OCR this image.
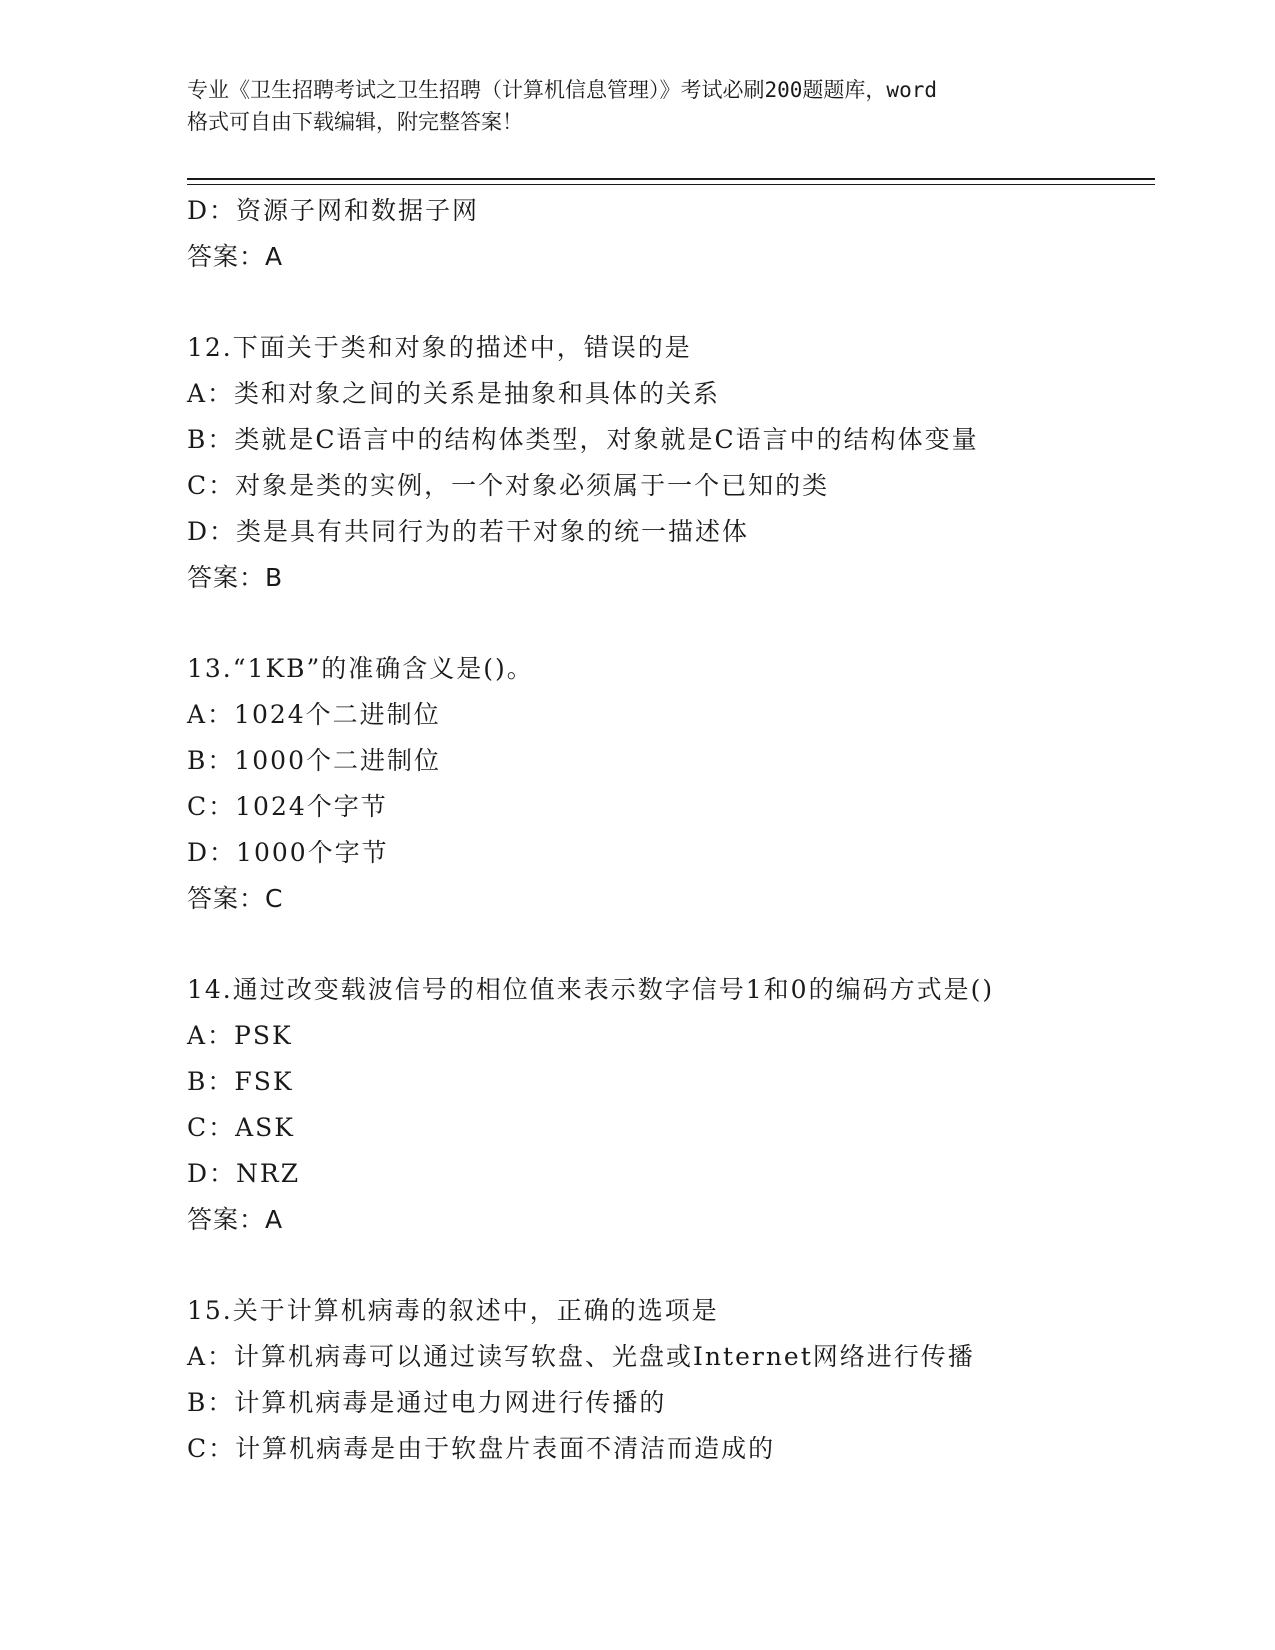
专业《卫生招聘考试之卫生招聘（计算机信息管理）》考试必刷200题题库，word
格式可自由下载编辑，附完整答案！
D：资源子网和数据子网
答案：A
12.下面关于类和对象的描述中，错误的是
A：类和对象之间的关系是抽象和具体的关系
B：类就是C语言中的结构体类型，对象就是C语言中的结构体变量
C：对象是类的实例，一个对象必须属于一个已知的类
D：类是具有共同行为的若干对象的统一描述体
答案：B
13.“1KB”的准确含义是()。
A：1024个二进制位
B：1000个二进制位
C：1024个字节
D：1000个字节
答案：C
14.通过改变载波信号的相位值来表示数字信号1和0的编码方式是()
A：PSK
B：FSK
C：ASK
D：NRZ
答案：A
15.关于计算机病毒的叙述中，正确的选项是
A：计算机病毒可以通过读写软盘、光盘或Internet网络进行传播
B：计算机病毒是通过电力网进行传播的
C：计算机病毒是由于软盘片表面不清洁而造成的
